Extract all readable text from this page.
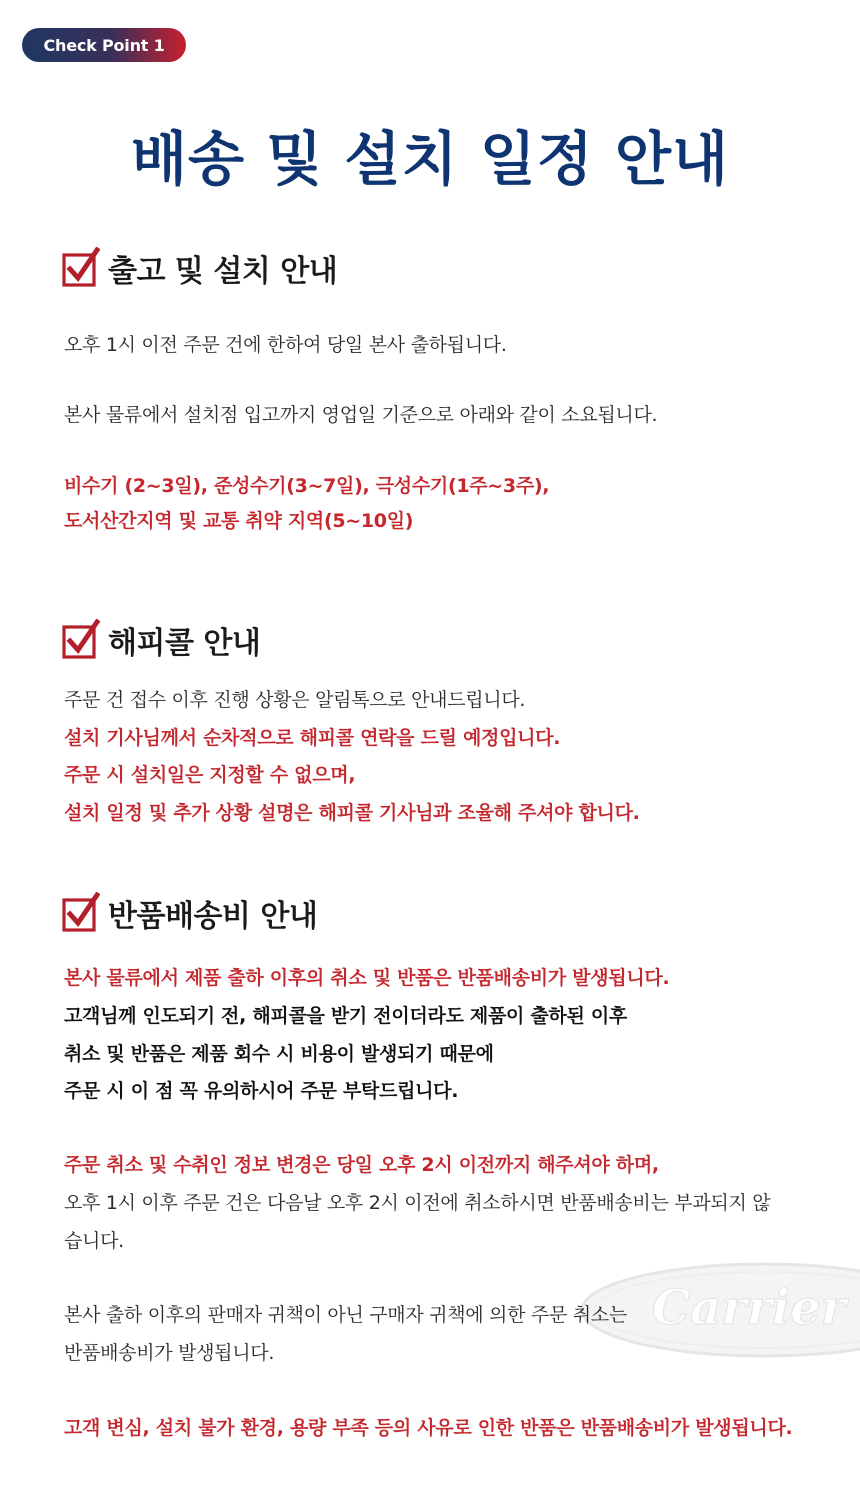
Check Point 1
배송 및 설치 일정 안내
출고 및 설치 안내

오후 1시 이전 주문 건에 한하여 당일 본사 출하됩니다.

본사 물류에서 설치점 입고까지 영업일 기준으로 아래와 같이 소요됩니다.

비수기 (2~3일), 준성수기(3~7일), 극성수기(1주~3주),

도서산간지역 및 교통 취약 지역(5~10일)

해피콜 안내

주문 건 접수 이후 진행 상황은 알림톡으로 안내드립니다.

설치 기사님께서 순차적으로 해피콜 연락을 드릴 예정입니다.

주문 시 설치일은 지정할 수 없으며,

설치 일정 및 추가 상황 설명은 해피콜 기사님과 조율해 주셔야 합니다.

반품배송비 안내
Carrier

본사 물류에서 제품 출하 이후의 취소 및 반품은 반품배송비가 발생됩니다.

고객님께 인도되기 전, 해피콜을 받기 전이더라도 제품이 출하된 이후

취소 및 반품은 제품 회수 시 비용이 발생되기 때문에

주문 시 이 점 꼭 유의하시어 주문 부탁드립니다.

주문 취소 및 수취인 정보 변경은 당일 오후 2시 이전까지 해주셔야 하며,

오후 1시 이후 주문 건은 다음날 오후 2시 이전에 취소하시면 반품배송비는 부과되지 않

습니다.

본사 출하 이후의 판매자 귀책이 아닌 구매자 귀책에 의한 주문 취소는

반품배송비가 발생됩니다.

고객 변심, 설치 불가 환경, 용량 부족 등의 사유로 인한 반품은 반품배송비가 발생됩니다.
